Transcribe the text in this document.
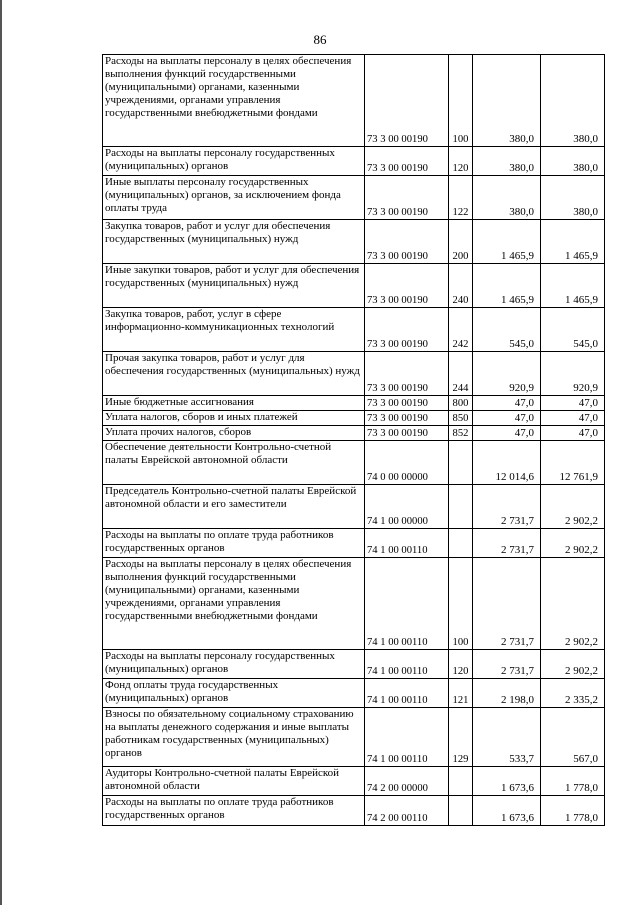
86
Расходы на выплаты персоналу в целях обеспечения выполнения функций государственными (муниципальными) органами, казенными учреждениями, органами управления государственными внебюджетными фондами	73 3 00 00190	100	380,0	380,0
Расходы на выплаты персоналу государственных (муниципальных) органов	73 3 00 00190	120	380,0	380,0
Иные выплаты персоналу государственных (муниципальных) органов, за исключением фонда оплаты труда	73 3 00 00190	122	380,0	380,0
Закупка товаров, работ и услуг для обеспечения государственных (муниципальных) нужд	73 3 00 00190	200	1 465,9	1 465,9
Иные закупки товаров, работ и услуг для обеспечения государственных (муниципальных) нужд	73 3 00 00190	240	1 465,9	1 465,9
Закупка товаров, работ, услуг в сфере информационно-коммуникационных технологий	73 3 00 00190	242	545,0	545,0
Прочая закупка товаров, работ и услуг для обеспечения государственных (муниципальных) нужд	73 3 00 00190	244	920,9	920,9
Иные бюджетные ассигнования	73 3 00 00190	800	47,0	47,0
Уплата налогов, сборов и иных платежей	73 3 00 00190	850	47,0	47,0
Уплата прочих налогов, сборов	73 3 00 00190	852	47,0	47,0
Обеспечение деятельности Контрольно-счетной палаты Еврейской автономной области	74 0 00 00000		12 014,6	12 761,9
Председатель Контрольно-счетной палаты Еврейской автономной области и его заместители	74 1 00 00000		2 731,7	2 902,2
Расходы на выплаты по оплате труда работников государственных органов	74 1 00 00110		2 731,7	2 902,2
Расходы на выплаты персоналу в целях обеспечения выполнения функций государственными (муниципальными) органами, казенными учреждениями, органами управления государственными внебюджетными фондами	74 1 00 00110	100	2 731,7	2 902,2
Расходы на выплаты персоналу государственных (муниципальных) органов	74 1 00 00110	120	2 731,7	2 902,2
Фонд оплаты труда государственных (муниципальных) органов	74 1 00 00110	121	2 198,0	2 335,2
Взносы по обязательному социальному страхованию на выплаты денежного содержания и иные выплаты работникам государственных (муниципальных) органов	74 1 00 00110	129	533,7	567,0
Аудиторы Контрольно-счетной палаты Еврейской автономной области	74 2 00 00000		1 673,6	1 778,0
Расходы на выплаты по оплате труда работников государственных органов	74 2 00 00110		1 673,6	1 778,0
